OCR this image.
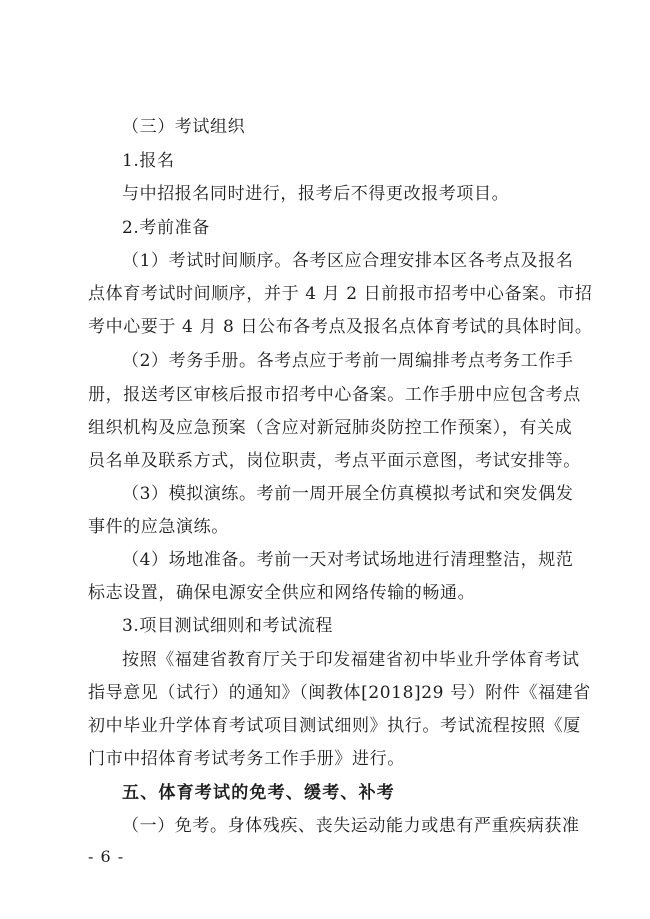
（三）考试组织
1.报名
与中招报名同时进行，报考后不得更改报考项目。
2.考前准备
（1）考试时间顺序。各考区应合理安排本区各考点及报名
点体育考试时间顺序，并于 4 月 2 日前报市招考中心备案。市招
考中心要于 4 月 8 日公布各考点及报名点体育考试的具体时间。
（2）考务手册。各考点应于考前一周编排考点考务工作手
册，报送考区审核后报市招考中心备案。工作手册中应包含考点
组织机构及应急预案（含应对新冠肺炎防控工作预案），有关成
员名单及联系方式，岗位职责，考点平面示意图，考试安排等。
（3）模拟演练。考前一周开展全仿真模拟考试和突发偶发
事件的应急演练。
（4）场地准备。考前一天对考试场地进行清理整洁，规范
标志设置，确保电源安全供应和网络传输的畅通。
3.项目测试细则和考试流程
按照《福建省教育厅关于印发福建省初中毕业升学体育考试
指导意见（试行）的通知》（闽教体[2018]29 号）附件《福建省
初中毕业升学体育考试项目测试细则》执行。考试流程按照《厦
门市中招体育考试考务工作手册》进行。
五、体育考试的免考、缓考、补考
（一）免考。身体残疾、丧失运动能力或患有严重疾病获准
- 6 -
